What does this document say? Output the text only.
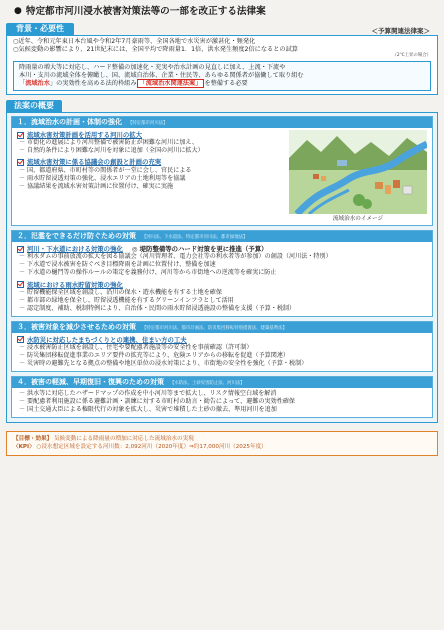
● 特定都市河川浸水被害対策法等の一部を改正する法律案
背景・必要性	＜予算関連法律案＞
○近年、令和元年東日本台風や令和2年7月豪雨等、全国各地で水災害が激甚化・頻発化
○気候変動の影響により、21世紀末には、全国平均で降雨量1．1倍、洪水発生頻度2倍になるとの試算
（2℃上昇の場合）
降雨量の増大等に対応し、ハード整備の加速化・充実や治水計画の見直しに加え、上流・下流や
本川・支川の流域全体を俯瞰し、国、流域自治体、企業・住民等、あらゆる関係者が協働して取り組む
「流域治水」の実効性を高める法的枠組み 「流域治水関連法案」 を整備する必要
法案の概要
１．流域治水の計画・体制の強化 【特定都市河川法】
流域水害対策計画を活用する河川の拡大
－ 市街化の進展により河川整備で被害防止が困難な河川に加え、
－ 自然的条件により困難な河川を対象に追加（全国の河川に拡大）
流域水害対策に係る協議会の創設と計画の充実
－ 国、都道府県、市町村等の関係者が一堂に会し、官民による
－ 雨水貯留浸透対策の強化、浸水エリアの土地利用等を協議
－ 協議結果を流域水害対策計画に位置付け、確実に実施
流域治水のイメージ
２．氾濫をできるだけ防ぐための対策 【河川法、下水道法、特定都市河川法、都市緑地法】
河川・下水道における対策の強化 ◎ 堤防整備等のハード対策を更に推進（予算）
－ 利水ダムの事前放流の拡大を図る協議会（河川管理者、電力会社等の利水者等が参加）の創設（河川法・特別）
－ 下水道で浸水被害を防ぐべき目標降雨を計画に位置付け、整備を加速
－ 下水道の樋門等の操作ルールの策定を義務付け、河川等から市街地への逆流等を確実に防止
流域における雨水貯留対策の強化
－ 貯留機能保全区域を創設し、沿川の保水・遊水機能を有する土地を確保
－ 都市部の緑地を保全し、貯留浸透機能を有するグリーンインフラとして活用
－ 認定制度、補助、税制特例により、自治体・民間の雨水貯留浸透施設の整備を支援（予算・税制）
３．被害対象を減少させるための対策 【特定都市河川法、都市計画法、防災集団移転特別措置法、建築基準法】
水防災に対応したまちづくりとの連携、住まい方の工夫
－ 浸水被害防止区域を創設し、住宅や要配慮者施設等の安全性を事前確認（許可制）
－ 防災集団移転促進事業のエリア要件の拡充等により、危険エリアからの移転を促進（予算関連）
－ 災害時の避難先となる拠点の整備や地区単位の浸水対策により、市街地の安全性を強化（予算・税制）
４．被害の軽減、早期復旧・復興のための対策 【水防法、土砂災害防止法、河川法】
－ 洪水等に対応したハザードマップの作成を中小河川等まで拡大し、リスク情報空白域を解消
－ 要配慮者利用施設に係る避難計画・訓練に対する市町村の助言・勧告によって、避難の実効性確保
－ 国土交通大臣による権限代行の対象を拡大し、災害で堆積した土砂の撤去、準用河川を追加
【目標・効果】 気候変動による降雨量の増加に対応した流域治水の実現
〈KPI〉 ○浸水想定区域を設定する河川数：2,092河川（2020年度）⇒約17,000河川（2025年度）
